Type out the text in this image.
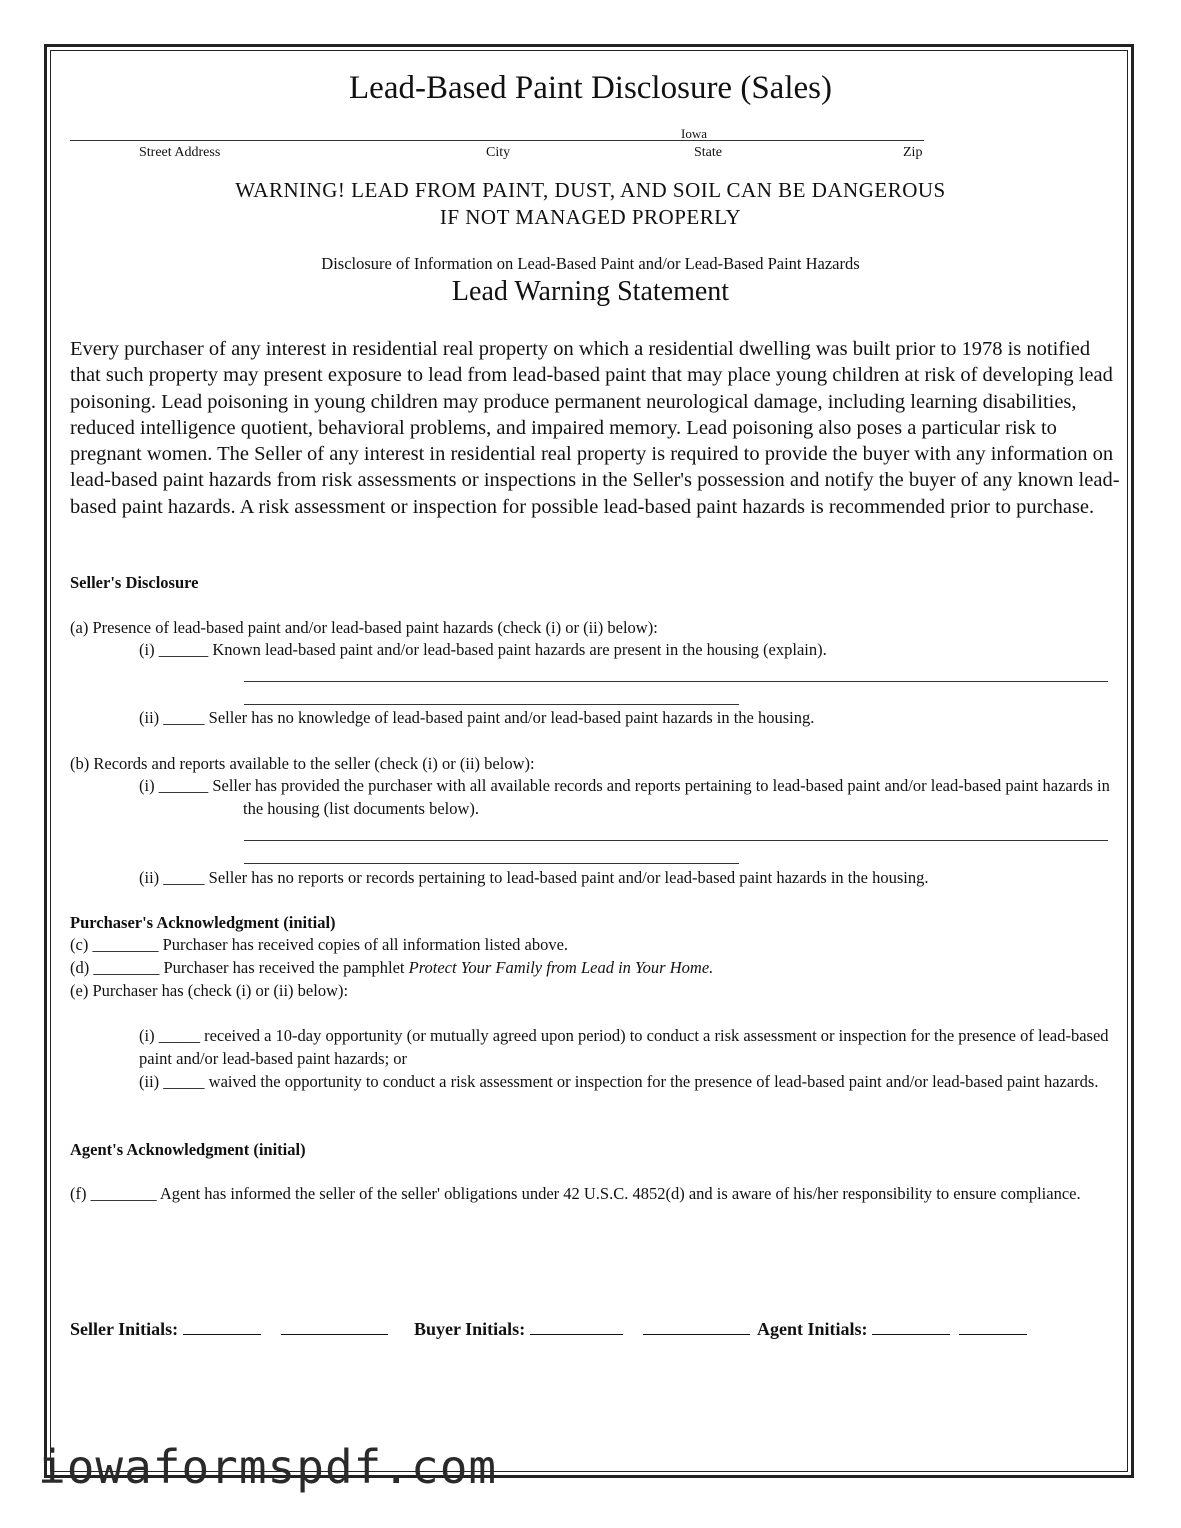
Lead-Based Paint Disclosure (Sales)
Iowa
Street Address	City	State	Zip
WARNING! LEAD FROM PAINT, DUST, AND SOIL CAN BE DANGEROUS
IF NOT MANAGED PROPERLY
Disclosure of Information on Lead-Based Paint and/or Lead-Based Paint Hazards
Lead Warning Statement
Every purchaser of any interest in residential real property on which a residential dwelling was built prior to 1978 is notified that such property may present exposure to lead from lead-based paint that may place young children at risk of developing lead poisoning. Lead poisoning in young children may produce permanent neurological damage, including learning disabilities, reduced intelligence quotient, behavioral problems, and impaired memory. Lead poisoning also poses a particular risk to pregnant women. The Seller of any interest in residential real property is required to provide the buyer with any information on lead-based paint hazards from risk assessments or inspections in the Seller's possession and notify the buyer of any known lead-based paint hazards. A risk assessment or inspection for possible lead-based paint hazards is recommended prior to purchase.
Seller's Disclosure
(a) Presence of lead-based paint and/or lead-based paint hazards (check (i) or (ii) below):
(i) ______ Known lead-based paint and/or lead-based paint hazards are present in the housing (explain).
(ii) _____ Seller has no knowledge of lead-based paint and/or lead-based paint hazards in the housing.
(b) Records and reports available to the seller (check (i) or (ii) below):
(i) ______ Seller has provided the purchaser with all available records and reports pertaining to lead-based paint and/or lead-based paint hazards in the housing (list documents below).
(ii) _____ Seller has no reports or records pertaining to lead-based paint and/or lead-based paint hazards in the housing.
Purchaser's Acknowledgment (initial)
(c) ________ Purchaser has received copies of all information listed above.
(d) ________ Purchaser has received the pamphlet Protect Your Family from Lead in Your Home.
(e) Purchaser has (check (i) or (ii) below):
(i) _____ received a 10-day opportunity (or mutually agreed upon period) to conduct a risk assessment or inspection for the presence of lead-based paint and/or lead-based paint hazards; or
(ii) _____ waived the opportunity to conduct a risk assessment or inspection for the presence of lead-based paint and/or lead-based paint hazards.
Agent's Acknowledgment (initial)
(f) ________ Agent has informed the seller of the seller' obligations under 42 U.S.C. 4852(d) and is aware of his/her responsibility to ensure compliance.
Seller Initials:	Buyer Initials:	Agent Initials:
iowaformspdf.com
